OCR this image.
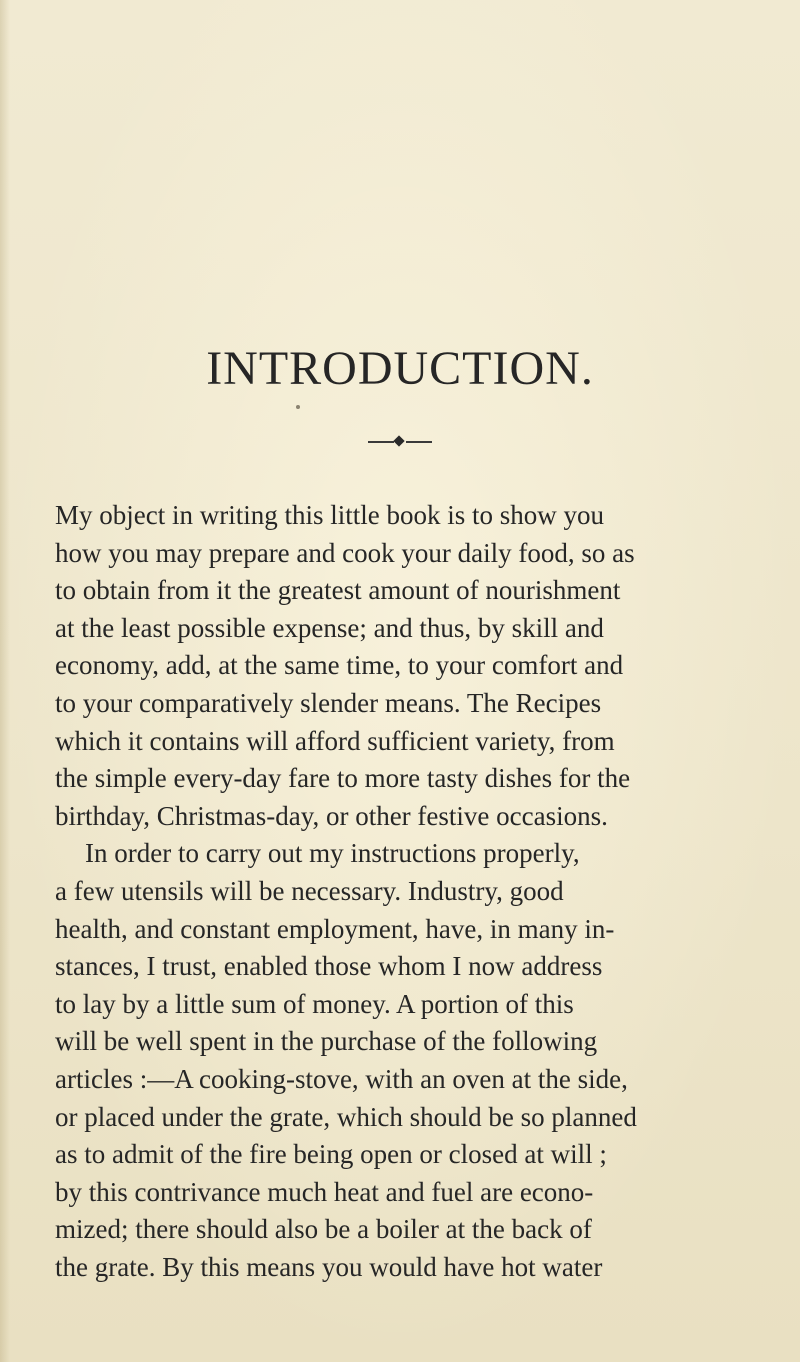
INTRODUCTION.
My object in writing this little book is to show you
how you may prepare and cook your daily food, so as
to obtain from it the greatest amount of nourishment
at the least possible expense; and thus, by skill and
economy, add, at the same time, to your comfort and
to your comparatively slender means. The Recipes
which it contains will afford sufficient variety, from
the simple every-day fare to more tasty dishes for the
birthday, Christmas-day, or other festive occasions.
In order to carry out my instructions properly,
a few utensils will be necessary. Industry, good
health, and constant employment, have, in many in-
stances, I trust, enabled those whom I now address
to lay by a little sum of money. A portion of this
will be well spent in the purchase of the following
articles :—A cooking-stove, with an oven at the side,
or placed under the grate, which should be so planned
as to admit of the fire being open or closed at will ;
by this contrivance much heat and fuel are econo-
mized; there should also be a boiler at the back of
the grate. By this means you would have hot water
